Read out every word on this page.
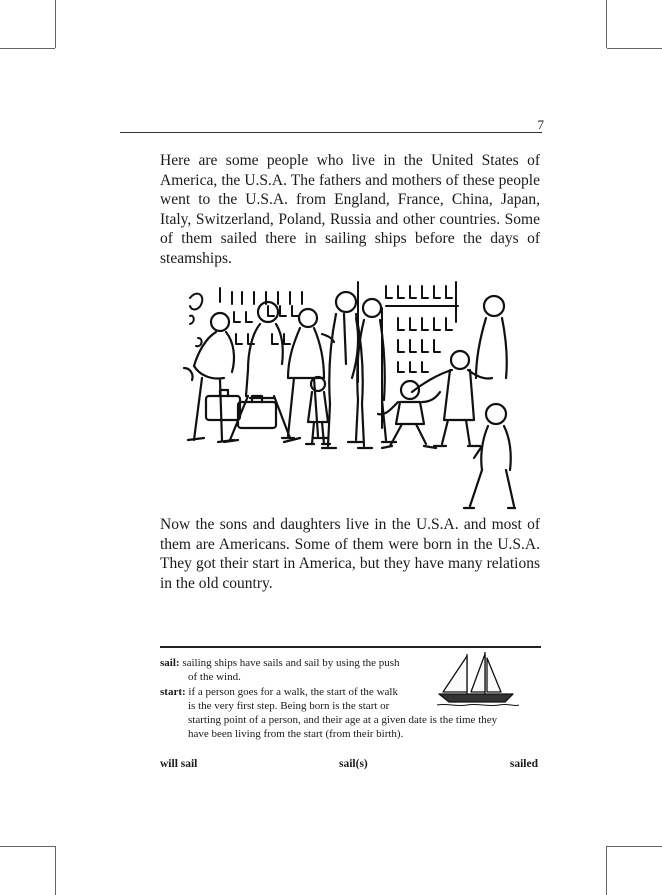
7

Here are some people who live in the United States of America, the U.S.A. The fathers and mothers of these people went to the U.S.A. from England, France, China, Japan, Italy, Switzerland, Poland, Russia and other countries. Some of them sailed there in sailing ships before the days of steamships.

Now the sons and daughters live in the U.S.A. and most of them are Americans. Some of them were born in the U.S.A. They got their start in America, but they have many relations in the old country.

sail: sailing ships have sails and sail by using the push
of the wind.

start: if a person goes for a walk, the start of the walk
is the very first step. Being born is the start or
starting point of a person, and their age at a given date is the time they
have been living from the start (from their birth).

will sail	sail(s)	sailed
